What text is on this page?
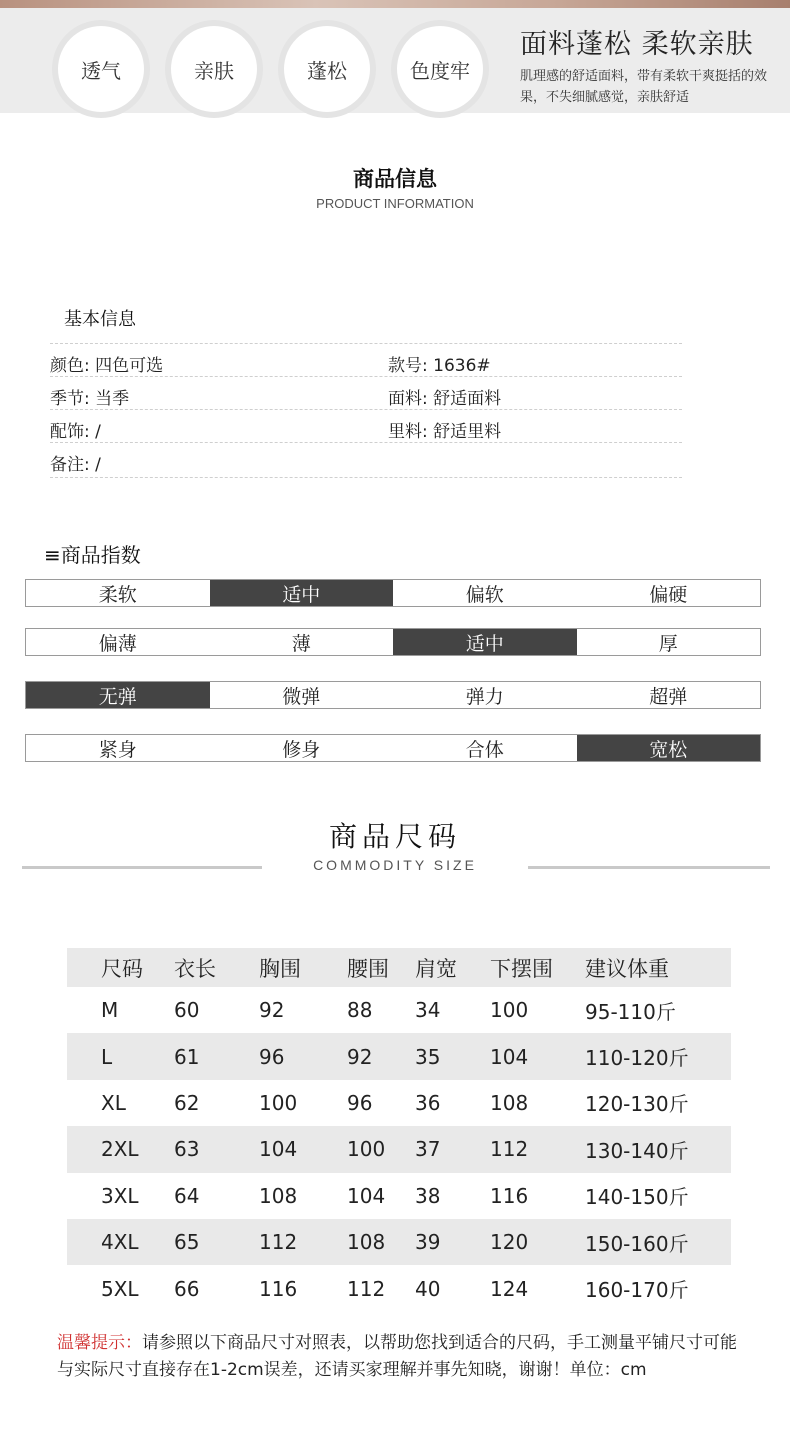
透气	亲肤	蓬松	色度牢
面料蓬松 柔软亲肤
肌理感的舒适面料，带有柔软干爽挺括的效果，不失细腻感觉，亲肤舒适
商品信息
PRODUCT INFORMATION
基本信息
颜色: 四色可选	款号: 1636#
季节: 当季	面料: 舒适面料
配饰: /	里料: 舒适里料
备注: /
≡商品指数
柔软	适中	偏软	偏硬
偏薄	薄	适中	厚
无弹	微弹	弹力	超弹
紧身	修身	合体	宽松
商品尺码
COMMODITY SIZE
尺码	衣长	胸围	腰围	肩宽	下摆围	建议体重
M	60	92	88	34	100	95-110斤
L	61	96	92	35	104	110-120斤
XL	62	100	96	36	108	120-130斤
2XL	63	104	100	37	112	130-140斤
3XL	64	108	104	38	116	140-150斤
4XL	65	112	108	39	120	150-160斤
5XL	66	116	112	40	124	160-170斤
温馨提示：请参照以下商品尺寸对照表，以帮助您找到适合的尺码，手工测量平铺尺寸可能与实际尺寸直接存在1-2cm误差，还请买家理解并事先知晓，谢谢！单位：cm
